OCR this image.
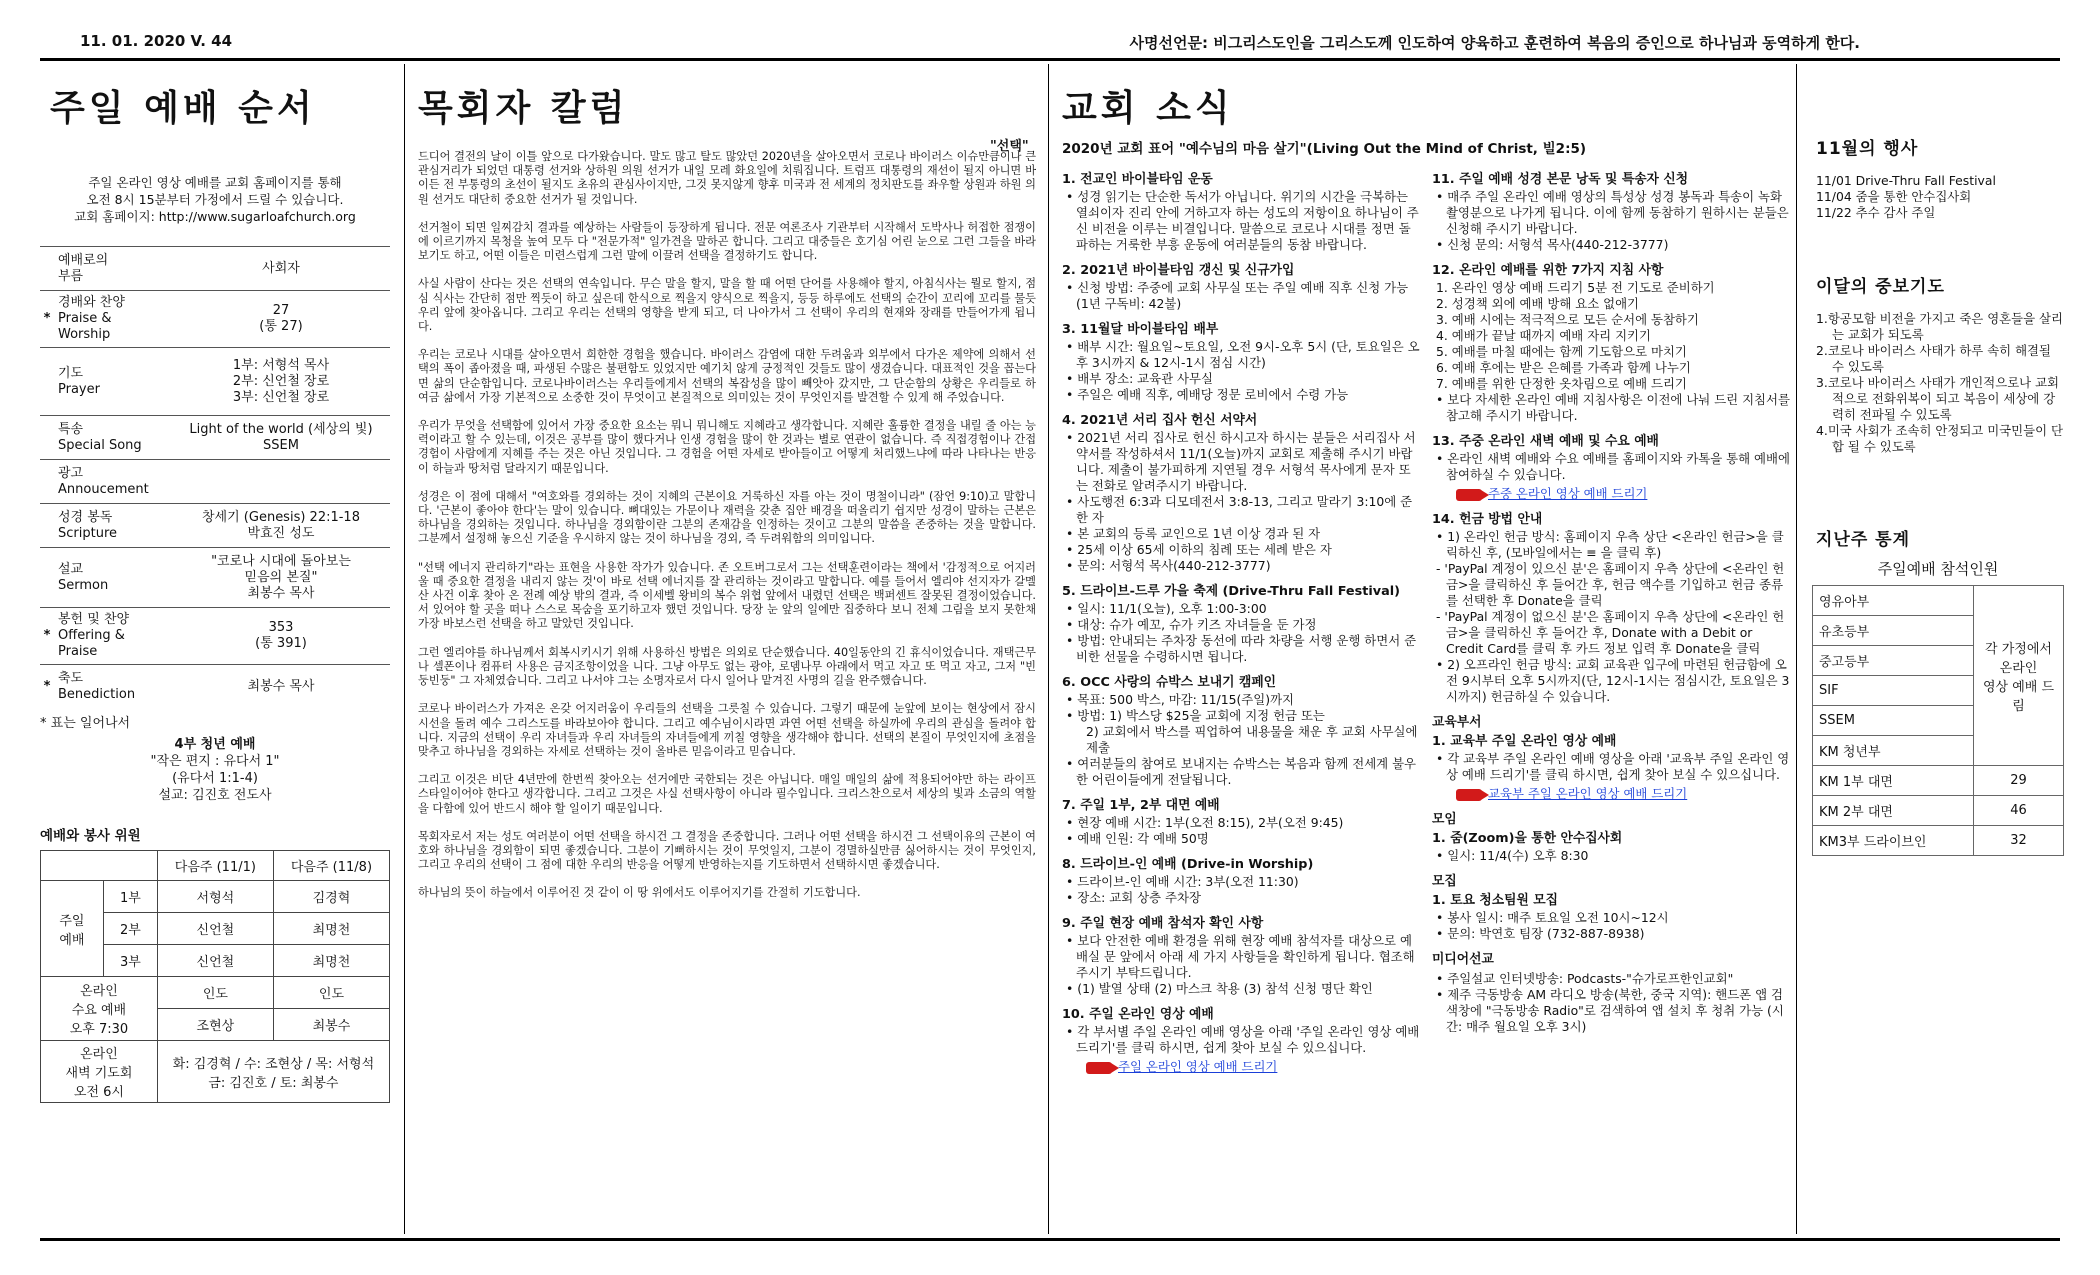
11. 01. 2020 V. 44	사명선언문: 비그리스도인을 그리스도께 인도하여 양육하고 훈련하여 복음의 증인으로 하나님과 동역하게 한다.
주일 예배 순서
주일 온라인 영상 예배를 교회 홈페이지를 통해
오전 8시 15분부터 가정에서 드릴 수 있습니다.
교회 홈페이지: http://www.sugarloafchurch.org
	예배로의
부름	사회자
*	경배와 찬양
Praise &
Worship	27
(통 27)
	기도
Prayer	1부: 서형석 목사
2부: 신언철 장로
3부: 신언철 장로
	특송
Special Song	Light of the world (세상의 빛)
SSEM
	광고
Annoucement	
	성경 봉독
Scripture	창세기 (Genesis) 22:1-18
박효진 성도
	설교
Sermon	"코로나 시대에 돌아보는
믿음의 본질"
최봉수 목사
*	봉헌 및 찬양
Offering & Praise	353
(통 391)
*	축도
Benediction	최봉수 목사
* 표는 일어나서
4부 청년 예배
"작은 편지 : 유다서 1"
(유다서 1:1-4)
설교: 김진호 전도사
예배와 봉사 위원
		다음주 (11/1)	다음주 (11/8)
주일
예배	1부	서형석	김경혁
	2부	신언철	최명천
	3부	신언철	최명천
온라인
수요 예배
오후 7:30		인도	인도
		조현상	최봉수
온라인
새벽 기도회
오전 6시		화: 김경혁 / 수: 조현상 / 목: 서형석
금: 김진호 / 토: 최봉수	
목회자 칼럼
"선택"

드디어 결전의 날이 이틀 앞으로 다가왔습니다. 말도 많고 탈도 많았던 2020년을 살아오면서 코로나 바이러스 이슈만큼이나 큰 관심거리가 되었던 대통령 선거와 상하원 의원 선거가 내일 모레 화요일에 치뤄집니다. 트럼프 대통령의 재선이 될지 아니면 바이든 전 부통령의 초선이 될지도 초유의 관심사이지만, 그것 못지않게 향후 미국과 전 세계의 정치판도를 좌우할 상원과 하원 의원 선거도 대단히 중요한 선거가 될 것입니다.

선거철이 되면 일찌감치 결과를 예상하는 사람들이 등장하게 됩니다. 전문 여론조사 기관부터 시작해서 도박사나 허접한 점쟁이에 이르기까지 목청을 높여 모두 다 "전문가적" 일가견을 말하곤 합니다. 그리고 대중들은 호기심 어린 눈으로 그런 그들을 바라보기도 하고, 어떤 이들은 미련스럽게 그런 말에 이끌려 선택을 결정하기도 합니다.

사실 사람이 산다는 것은 선택의 연속입니다. 무슨 말을 할지, 말을 할 때 어떤 단어를 사용해야 할지, 아침식사는 뭘로 할지, 점심 식사는 간단히 점만 찍듯이 하고 싶은데 한식으로 찍을지 양식으로 찍을지, 등등 하루에도 선택의 순간이 꼬리에 꼬리를 물듯 우리 앞에 찾아옵니다. 그리고 우리는 선택의 영향을 받게 되고, 더 나아가서 그 선택이 우리의 현재와 장래를 만들어가게 됩니다.

우리는 코로나 시대를 살아오면서 희한한 경험을 했습니다. 바이러스 감염에 대한 두려움과 외부에서 다가온 제약에 의해서 선택의 폭이 좁아졌을 때, 파생된 수많은 불편함도 있었지만 예기치 않게 긍정적인 것들도 많이 생겼습니다. 대표적인 것을 꼽는다면 삶의 단순함입니다. 코로나바이러스는 우리들에게서 선택의 복잡성을 많이 빼앗아 갔지만, 그 단순함의 상황은 우리들로 하여금 삶에서 가장 기본적으로 소중한 것이 무엇이고 본질적으로 의미있는 것이 무엇인지를 발견할 수 있게 해 주었습니다.

우리가 무엇을 선택함에 있어서 가장 중요한 요소는 뭐니 뭐니해도 지혜라고 생각합니다. 지혜란 훌륭한 결정을 내릴 줄 아는 능력이라고 할 수 있는데, 이것은 공부를 많이 했다거나 인생 경험을 많이 한 것과는 별로 연관이 없습니다. 즉 직접경험이나 간접경험이 사람에게 지혜를 주는 것은 아닌 것입니다. 그 경험을 어떤 자세로 받아들이고 어떻게 처리했느냐에 따라 나타나는 반응이 하늘과 땅처럼 달라지기 때문입니다.

성경은 이 점에 대해서 "여호와를 경외하는 것이 지혜의 근본이요 거룩하신 자를 아는 것이 명철이니라" (잠언 9:10)고 말합니다. '근본이 좋아야 한다'는 말이 있습니다. 뼈대있는 가문이나 재력을 갖춘 집안 배경을 떠올리기 쉽지만 성경이 말하는 근본은 하나님을 경외하는 것입니다. 하나님을 경외함이란 그분의 존재감을 인정하는 것이고 그분의 말씀을 존중하는 것을 말합니다. 그분께서 설정해 놓으신 기준을 우시하지 않는 것이 하나님을 경외, 즉 두려워함의 의미입니다.

"선택 에너지 관리하기"라는 표현을 사용한 작가가 있습니다. 존 오트버그로서 그는 선택훈련이라는 책에서 '감정적으로 어지러울 때 중요한 결정을 내리지 않는 것'이 바로 선택 에너지를 잘 관리하는 것이라고 말합니다. 예를 들어서 엘리야 선지자가 갈멜산 사건 이후 찾아 온 전례 예상 밖의 결과, 즉 이세벨 왕비의 복수 위협 앞에서 내렸던 선택은 백퍼센트 잘못된 결정이었습니다. 서 있어야 할 곳을 떠나 스스로 목숨을 포기하고자 했던 것입니다. 당장 눈 앞의 일에만 집중하다 보니 전체 그림을 보지 못한채 가장 바보스런 선택을 하고 말았던 것입니다.

그런 엘리야를 하나님께서 회복시키시기 위해 사용하신 방법은 의외로 단순했습니다. 40일동안의 긴 휴식이었습니다. 재택근무나 셀폰이나 컴퓨터 사용은 금지조항이었을 니다. 그냥 아무도 없는 광야, 로뎀나무 아래에서 먹고 자고 또 먹고 자고, 그저 "빈둥빈둥" 그 자체였습니다. 그리고 나서야 그는 소명자로서 다시 일어나 맡겨진 사명의 길을 완주했습니다.

코로나 바이러스가 가져온 온갖 어지러움이 우리들의 선택을 그릇칠 수 있습니다. 그렇기 때문에 눈앞에 보이는 현상에서 잠시 시선을 돌려 예수 그리스도를 바라보아야 합니다. 그리고 예수님이시라면 과연 어떤 선택을 하실까에 우리의 관심을 돌려야 합니다. 지금의 선택이 우리 자녀들과 우리 자녀들의 자녀들에게 끼칠 영향을 생각해야 합니다. 선택의 본질이 무엇인지에 초점을 맞추고 하나님을 경외하는 자세로 선택하는 것이 올바른 믿음이라고 믿습니다.

그리고 이것은 비단 4년만에 한번씩 찾아오는 선거에만 국한되는 것은 아닙니다. 매일 매일의 삶에 적용되어야만 하는 라이프 스타일이어야 한다고 생각합니다. 그리고 그것은 사실 선택사항이 아니라 필수입니다. 크리스찬으로서 세상의 빛과 소금의 역할을 다함에 있어 반드시 해야 할 일이기 때문입니다.

목회자로서 저는 성도 여러분이 어떤 선택을 하시건 그 결정을 존중합니다. 그러나 어떤 선택을 하시건 그 선택이유의 근본이 여호와 하나님을 경외함이 되면 좋겠습니다. 그분이 기뻐하시는 것이 무엇일지, 그분이 경멸하실만큼 싫어하시는 것이 무엇인지, 그리고 우리의 선택이 그 점에 대한 우리의 반응을 어떻게 반영하는지를 기도하면서 선택하시면 좋겠습니다.

하나님의 뜻이 하늘에서 이루어진 것 같이 이 땅 위에서도 이루어지기를 간절히 기도합니다.

교회 소식
2020년 교회 표어 "예수님의 마음 살기"(Living Out the Mind of Christ, 빌2:5)
1. 전교인 바이블타임 운동
• 성경 읽기는 단순한 독서가 아닙니다. 위기의 시간을 극복하는 열쇠이자 진리 안에 거하고자 하는 성도의 저항이요 하나님이 주신 비전을 이루는 비결입니다. 말씀으로 코로나 시대를 정면 돌파하는 거룩한 부흥 운동에 여러분들의 동참 바랍니다.
2. 2021년 바이블타임 갱신 및 신규가입
• 신청 방법: 주중에 교회 사무실 또는 주일 예배 직후 신청 가능 (1년 구독비: 42불)
3. 11월달 바이블타임 배부
• 배부 시간: 월요일~토요일, 오전 9시-오후 5시 (단, 토요일은 오후 3시까지 & 12시-1시 점심 시간)
• 배부 장소: 교육관 사무실
• 주일은 예배 직후, 예배당 정문 로비에서 수령 가능
4. 2021년 서리 집사 헌신 서약서
• 2021년 서리 집사로 헌신 하시고자 하시는 분들은 서리집사 서약서를 작성하셔서 11/1(오늘)까지 교회로 제출해 주시기 바랍니다. 제출이 불가피하게 지연될 경우 서형석 목사에게 문자 또는 전화로 알려주시기 바랍니다.
• 사도행전 6:3과 디모데전서 3:8-13, 그리고 말라기 3:10에 준한 자
• 본 교회의 등록 교인으로 1년 이상 경과 된 자
• 25세 이상 65세 이하의 침례 또는 세례 받은 자
• 문의: 서형석 목사(440-212-3777)
5. 드라이브-드루 가을 축제 (Drive-Thru Fall Festival)
• 일시: 11/1(오늘), 오후 1:00-3:00
• 대상: 슈가 예꼬, 슈가 키즈 자녀들을 둔 가정
• 방법: 안내되는 주차장 동선에 따라 차량을 서행 운행 하면서 준비한 선물을 수령하시면 됩니다.
6. OCC 사랑의 슈박스 보내기 캠페인
• 목표: 500 박스, 마감: 11/15(주일)까지
• 방법: 1) 박스당 $25을 교회에 지정 헌금 또는
2) 교회에서 박스를 픽업하여 내용물을 채운 후 교회 사무실에 제출
• 여러분들의 참여로 보내지는 슈박스는 복음과 함께 전세계 불우한 어린이들에게 전달됩니다.
7. 주일 1부, 2부 대면 예배
• 현장 예배 시간: 1부(오전 8:15), 2부(오전 9:45)
• 예배 인원: 각 예배 50명
8. 드라이브-인 예배 (Drive-in Worship)
• 드라이브-인 예배 시간: 3부(오전 11:30)
• 장소: 교회 상층 주차장
9. 주일 현장 예배 참석자 확인 사항
• 보다 안전한 예배 환경을 위해 현장 예배 참석자를 대상으로 예배실 문 앞에서 아래 세 가지 사항들을 확인하게 됩니다. 협조해 주시기 부탁드립니다.
• (1) 발열 상태 (2) 마스크 착용 (3) 참석 신청 명단 확인
10. 주일 온라인 영상 예배
• 각 부서별 주일 온라인 예배 영상을 아래 '주일 온라인 영상 예배 드리기'를 클릭 하시면, 쉽게 찾아 보실 수 있으십니다.
주일 온라인 영상 예배 드리기
11. 주일 예배 성경 본문 낭독 및 특송자 신청
• 매주 주일 온라인 예배 영상의 특성상 성경 봉독과 특송이 녹화 촬영분으로 나가게 됩니다. 이에 함께 동참하기 원하시는 분들은 신청해 주시기 바랍니다.
• 신청 문의: 서형석 목사(440-212-3777)
12. 온라인 예배를 위한 7가지 지침 사항
1. 온라인 영상 예배 드리기 5분 전 기도로 준비하기
2. 성경책 외에 예배 방해 요소 없애기
3. 예배 시에는 적극적으로 모든 순서에 동참하기
4. 예배가 끝날 때까지 예배 자리 지키기
5. 예배를 마칠 때에는 함께 기도함으로 마치기
6. 예배 후에는 받은 은혜를 가족과 함께 나누기
7. 예배를 위한 단정한 옷차림으로 예배 드리기
• 보다 자세한 온라인 예배 지침사항은 이전에 나눠 드린 지침서를 참고해 주시기 바랍니다.
13. 주중 온라인 새벽 예배 및 수요 예배
• 온라인 새벽 예배와 수요 예배를 홈페이지와 카톡을 통해 예배에 참여하실 수 있습니다.
주중 온라인 영상 예배 드리기
14. 헌금 방법 안내
• 1) 온라인 헌금 방식: 홈페이지 우측 상단 <온라인 헌금>을 클릭하신 후, (모바일에서는 ≡ 을 클릭 후)
- 'PayPal 계정이 있으신 분'은 홈페이지 우측 상단에 <온라인 헌금>을 클릭하신 후 들어간 후, 헌금 액수를 기입하고 헌금 종류를 선택한 후 Donate을 클릭
- 'PayPal 계정이 없으신 분'은 홈페이지 우측 상단에 <온라인 헌금>을 클릭하신 후 들어간 후, Donate with a Debit or Credit Card를 클릭 후 카드 정보 입력 후 Donate을 클릭
• 2) 오프라인 헌금 방식: 교회 교육관 입구에 마련된 헌금함에 오전 9시부터 오후 5시까지(단, 12시-1시는 점심시간, 토요일은 3시까지) 헌금하실 수 있습니다.
교육부서
1. 교육부 주일 온라인 영상 예배
• 각 교육부 주일 온라인 예배 영상을 아래 '교육부 주일 온라인 영상 예배 드리기'를 클릭 하시면, 쉽게 찾아 보실 수 있으십니다.
교육부 주일 온라인 영상 예배 드리기
모임
1. 줌(Zoom)을 통한 안수집사회
• 일시: 11/4(수) 오후 8:30
모집
1. 토요 청소팀원 모집
• 봉사 일시: 매주 토요일 오전 10시~12시
• 문의: 박연호 팀장 (732-887-8938)
미디어선교
• 주일설교 인터넷방송: Podcasts-"슈가로프한인교회"
• 제주 극동방송 AM 라디오 방송(북한, 중국 지역): 핸드폰 앱 검색창에 "극동방송 Radio"로 검색하여 앱 설치 후 청취 가능 (시간: 매주 월요일 오후 3시)
11월의 행사
11/01 Drive-Thru Fall Festival
11/04 줌을 통한 안수집사회
11/22 추수 감사 주일
이달의 중보기도
1.항공모함 비전을 가지고 죽은 영혼들을 살리는 교회가 되도록
2.코로나 바이러스 사태가 하루 속히 해결될 수 있도록
3.코로나 바이러스 사태가 개인적으로나 교회적으로 전화위복이 되고 복음이 세상에 강력히 전파될 수 있도록
4.미국 사회가 조속히 안정되고 미국민들이 단합 될 수 있도록
지난주 통계
주일예배 참석인원
영유아부	각 가정에서
온라인
영상 예배 드림
유초등부	
중고등부	
SIF	
SSEM	
KM 청년부	
KM 1부 대면	29
KM 2부 대면	46
KM3부 드라이브인	32
